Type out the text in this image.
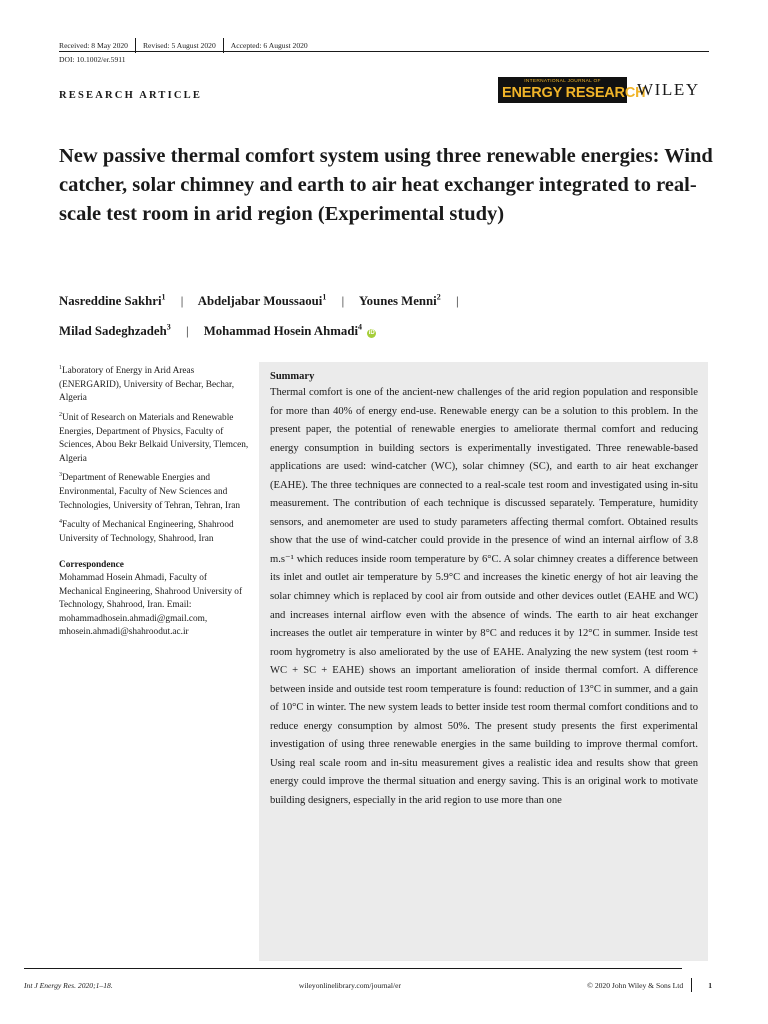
Received: 8 May 2020 Revised: 5 August 2020 Accepted: 6 August 2020
DOI: 10.1002/er.5911
RESEARCH ARTICLE
INTERNATIONAL JOURNAL OF
ENERGY RESEARCH
WILEY
New passive thermal comfort system using three renewable energies: Wind catcher, solar chimney and earth to air heat exchanger integrated to real-scale test room in arid region (Experimental study)
Nasreddine Sakhri$^1$ | Abdeljabar Moussaoui$^1$ | Younes Menni$^2$ |
Milad Sadeghzadeh$^3$ | Mohammad Hosein Ahmadi$^4$ iD
$^1$Laboratory of Energy in Arid Areas (ENERGARID), University of Bechar, Bechar, Algeria
$^2$Unit of Research on Materials and Renewable Energies, Department of Physics, Faculty of Sciences, Abou Bekr Belkaid University, Tlemcen, Algeria
$^3$Department of Renewable Energies and Environmental, Faculty of New Sciences and Technologies, University of Tehran, Tehran, Iran
$^4$Faculty of Mechanical Engineering, Shahrood University of Technology, Shahrood, Iran
Correspondence
Mohammad Hosein Ahmadi, Faculty of Mechanical Engineering, Shahrood University of Technology, Shahrood, Iran. Email: mohammadhosein.ahmadi@gmail.com, mhosein.ahmadi@shahroodut.ac.ir
Summary

Thermal comfort is one of the ancient-new challenges of the arid region population and responsible for more than 40% of energy end-use. Renewable energy can be a solution to this problem. In the present paper, the potential of renewable energies to ameliorate thermal comfort and reducing energy consumption in building sectors is experimentally investigated. Three renewable-based applications are used: wind-catcher (WC), solar chimney (SC), and earth to air heat exchanger (EAHE). The three techniques are connected to a real-scale test room and investigated using in-situ measurement. The contribution of each technique is discussed separately. Temperature, humidity sensors, and anemometer are used to study parameters affecting thermal comfort. Obtained results show that the use of wind-catcher could provide in the presence of wind an internal airflow of 3.8 m.s⁻¹ which reduces inside room temperature by 6°C. A solar chimney creates a difference between its inlet and outlet air temperature by 5.9°C and increases the kinetic energy of hot air leaving the solar chimney which is replaced by cool air from outside and other devices outlet (EAHE and WC) and increases internal airflow even with the absence of winds. The earth to air heat exchanger increases the outlet air temperature in winter by 8°C and reduces it by 12°C in summer. Inside test room hygrometry is also ameliorated by the use of EAHE. Analyzing the new system (test room + WC + SC + EAHE) shows an important amelioration of inside thermal comfort. A difference between inside and outside test room temperature is found: reduction of 13°C in summer, and a gain of 10°C in winter. The new system leads to better inside test room thermal comfort conditions and to reduce energy consumption by almost 50%. The present study presents the first experimental investigation of using three renewable energies in the same building to improve thermal comfort. Using real scale room and in-situ measurement gives a realistic idea and results show that green energy could improve the thermal situation and energy saving. This is an original work to motivate building designers, especially in the arid region to use more than one

Int J Energy Res. 2020;1–18.	wileyonlinelibrary.com/journal/er	© 2020 John Wiley & Sons Ltd	1
